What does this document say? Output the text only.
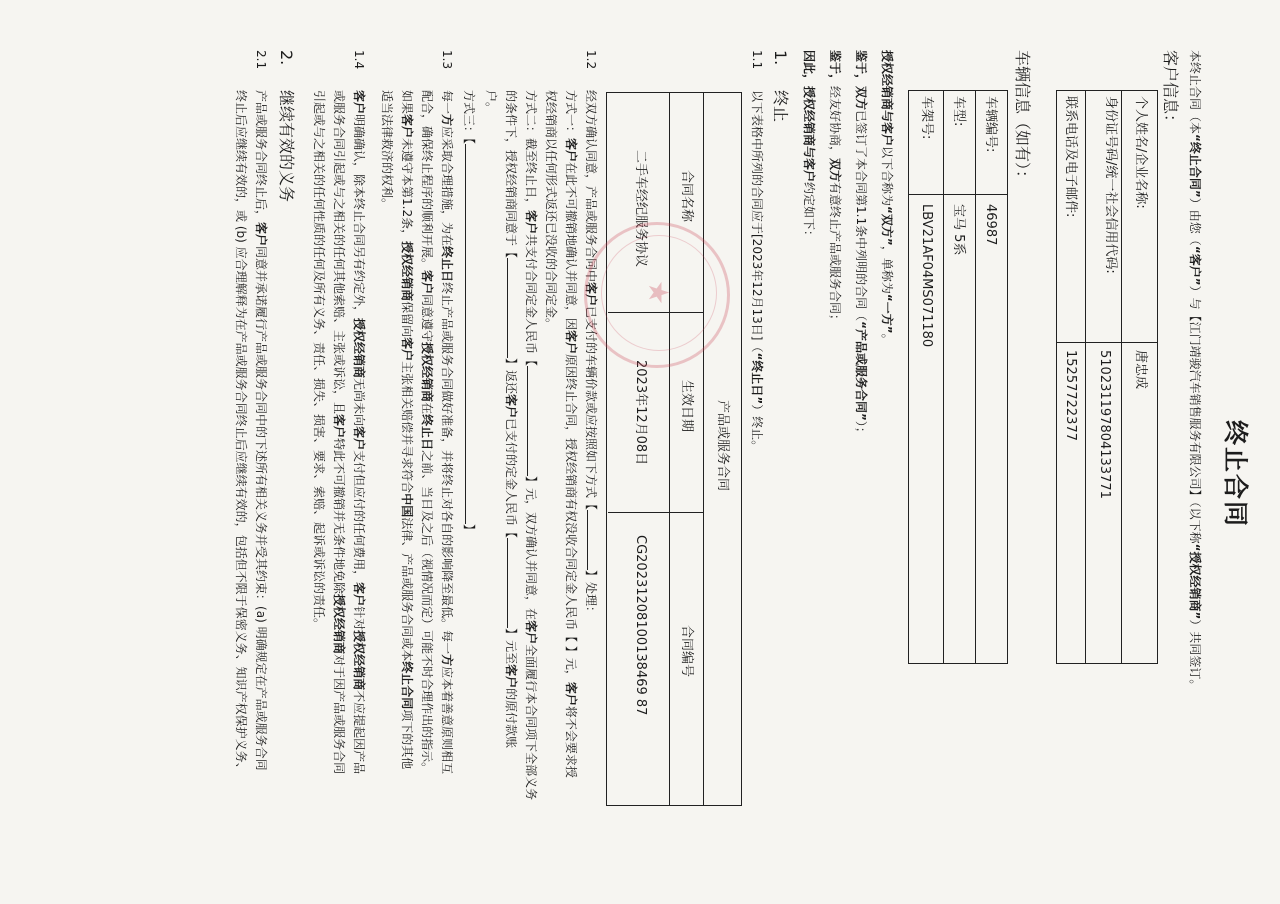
终止合同
本终止合同（本“终止合同”）由您（“客户”）与【江门靖骏汽车销售服务有限公司】（以下称“授权经销商”）共同签订。
客户信息：
个人姓名/企业名称:
唐忠成
身份证号码/统一社会信用代码:
510231197804133771
联系电话及电子邮件:
15257722377
车辆信息（如有）：
车辆编号:
46987
车型:
宝马 5系
车架号:
LBV21AF04MS071180
授权经销商与客户以下合称为“双方”，单称为“一方”。
鉴于，双方已签订了本合同第1.1条中列明的合同（“产品或服务合同”）；
鉴于，经友好协商，双方有意终止产品或服务合同；
因此，授权经销商与客户约定如下：
1.
终止
1.1
以下表格中所列的合同应于[2023年12月13日]（“终止日”）终止。
产品或服务合同
合同名称
生效日期
合同编号
二手车经纪服务协议
2023年12月08日
CG20231208100138469 87
1.2
经双方确认同意，产品或服务合同中客户已支付的车辆价款或应按照如下方式【】处理：
方式一：客户在此不可撤销地确认并同意，因客户原因终止合同，授权经销商有权没收合同定金人民币【 】元，客户将不会要求授
权经销商以任何形式返还已没收的合同定金。
方式二：截至终止日，客户共支付合同定金人民币【】元，双方确认并同意，在客户全面履行本合同项下全部义务
的条件下，授权经销商同意于【】返还客户已支付的定金人民币【】元至客户的原付款账
户。
方式三：【】
1.3
每一方应采取合理措施，为在终止日终止产品或服务合同做好准备，并将终止对各自的影响降至最低。每一方应本着善意原则相互
配合，确保终止程序的顺利开展。客户同意遵守授权经销商在终止日之前、当日及之后（视情况而定）可能不时合理作出的指示。
如果客户未遵守本第1.2条，授权经销商保留向客户主张相关赔偿并寻求符合中国法律、产品或服务合同或本终止合同项下的其他
适当法律救济的权利。
1.4
客户明确确认，除本终止合同另有约定外，授权经销商无尚未向客户支付但应付的任何费用，客户针对授权经销商不应提起因产品
或服务合同引起或与之相关的任何其他索赔、主张或诉讼，且客户特此不可撤销并无条件地免除授权经销商对于因产品或服务合同
引起或与之相关的任何性质的任何及所有义务、责任、损失、损害、要求、索赔、起诉或诉讼的责任。
2.
继续有效的义务
2.1
产品或服务合同终止后，客户同意并承诺履行产品或服务合同中的下述所有相关义务并受其约束：(a) 明确规定在产品或服务合同
终止后应继续有效的，或 (b) 应合理解释为在产品或服务合同终止后应继续有效的，包括但不限于保密义务、知识产权保护义务、	★
